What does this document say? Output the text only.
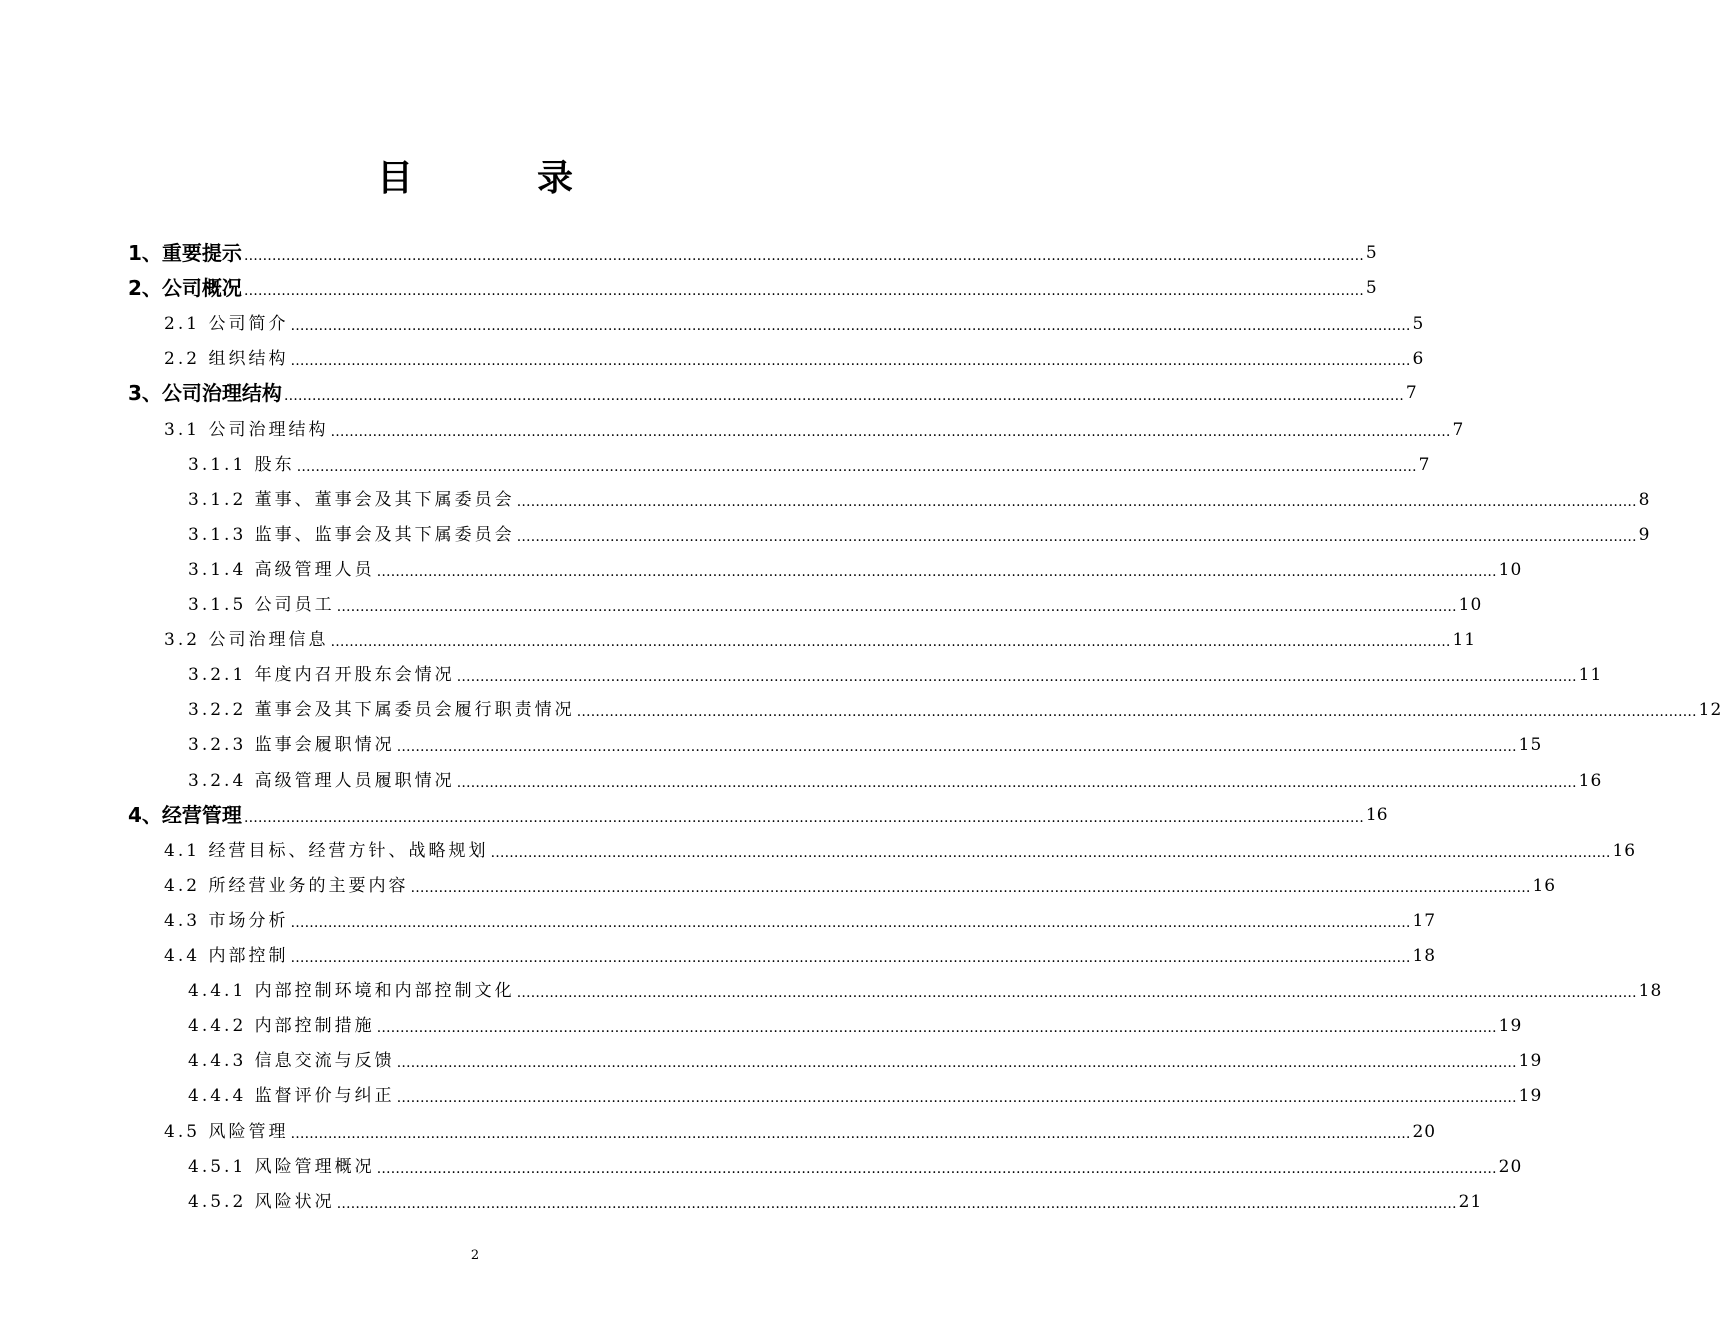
目　录
1、重要提示 …………………………………………………………………………………………………………………………………………………………………………………………………………………… 5
2、公司概况 …………………………………………………………………………………………………………………………………………………………………………………………………………………… 5
2.1 公司简介 …………………………………………………………………………………………………………………………………………………………………………………………………………………… 5
2.2 组织结构 …………………………………………………………………………………………………………………………………………………………………………………………………………………… 6
3、公司治理结构 …………………………………………………………………………………………………………………………………………………………………………………………………………………… 7
3.1 公司治理结构 …………………………………………………………………………………………………………………………………………………………………………………………………………………… 7
3.1.1 股东 …………………………………………………………………………………………………………………………………………………………………………………………………………………… 7
3.1.2 董事、董事会及其下属委员会 …………………………………………………………………………………………………………………………………………………………………………………………………………………… 8
3.1.3 监事、监事会及其下属委员会 …………………………………………………………………………………………………………………………………………………………………………………………………………………… 9
3.1.4 高级管理人员 …………………………………………………………………………………………………………………………………………………………………………………………………………………… 10
3.1.5 公司员工 …………………………………………………………………………………………………………………………………………………………………………………………………………………… 10
3.2 公司治理信息 …………………………………………………………………………………………………………………………………………………………………………………………………………………… 11
3.2.1 年度内召开股东会情况 …………………………………………………………………………………………………………………………………………………………………………………………………………………… 11
3.2.2 董事会及其下属委员会履行职责情况 …………………………………………………………………………………………………………………………………………………………………………………………………………………… 12
3.2.3 监事会履职情况 …………………………………………………………………………………………………………………………………………………………………………………………………………………… 15
3.2.4 高级管理人员履职情况 …………………………………………………………………………………………………………………………………………………………………………………………………………………… 16
4、经营管理 …………………………………………………………………………………………………………………………………………………………………………………………………………………… 16
4.1 经营目标、经营方针、战略规划 …………………………………………………………………………………………………………………………………………………………………………………………………………………… 16
4.2 所经营业务的主要内容 …………………………………………………………………………………………………………………………………………………………………………………………………………………… 16
4.3 市场分析 …………………………………………………………………………………………………………………………………………………………………………………………………………………… 17
4.4 内部控制 …………………………………………………………………………………………………………………………………………………………………………………………………………………… 18
4.4.1 内部控制环境和内部控制文化 …………………………………………………………………………………………………………………………………………………………………………………………………………………… 18
4.4.2 内部控制措施 …………………………………………………………………………………………………………………………………………………………………………………………………………………… 19
4.4.3 信息交流与反馈 …………………………………………………………………………………………………………………………………………………………………………………………………………………… 19
4.4.4 监督评价与纠正 …………………………………………………………………………………………………………………………………………………………………………………………………………………… 19
4.5 风险管理 …………………………………………………………………………………………………………………………………………………………………………………………………………………… 20
4.5.1 风险管理概况 …………………………………………………………………………………………………………………………………………………………………………………………………………………… 20
4.5.2 风险状况 …………………………………………………………………………………………………………………………………………………………………………………………………………………… 21
2
